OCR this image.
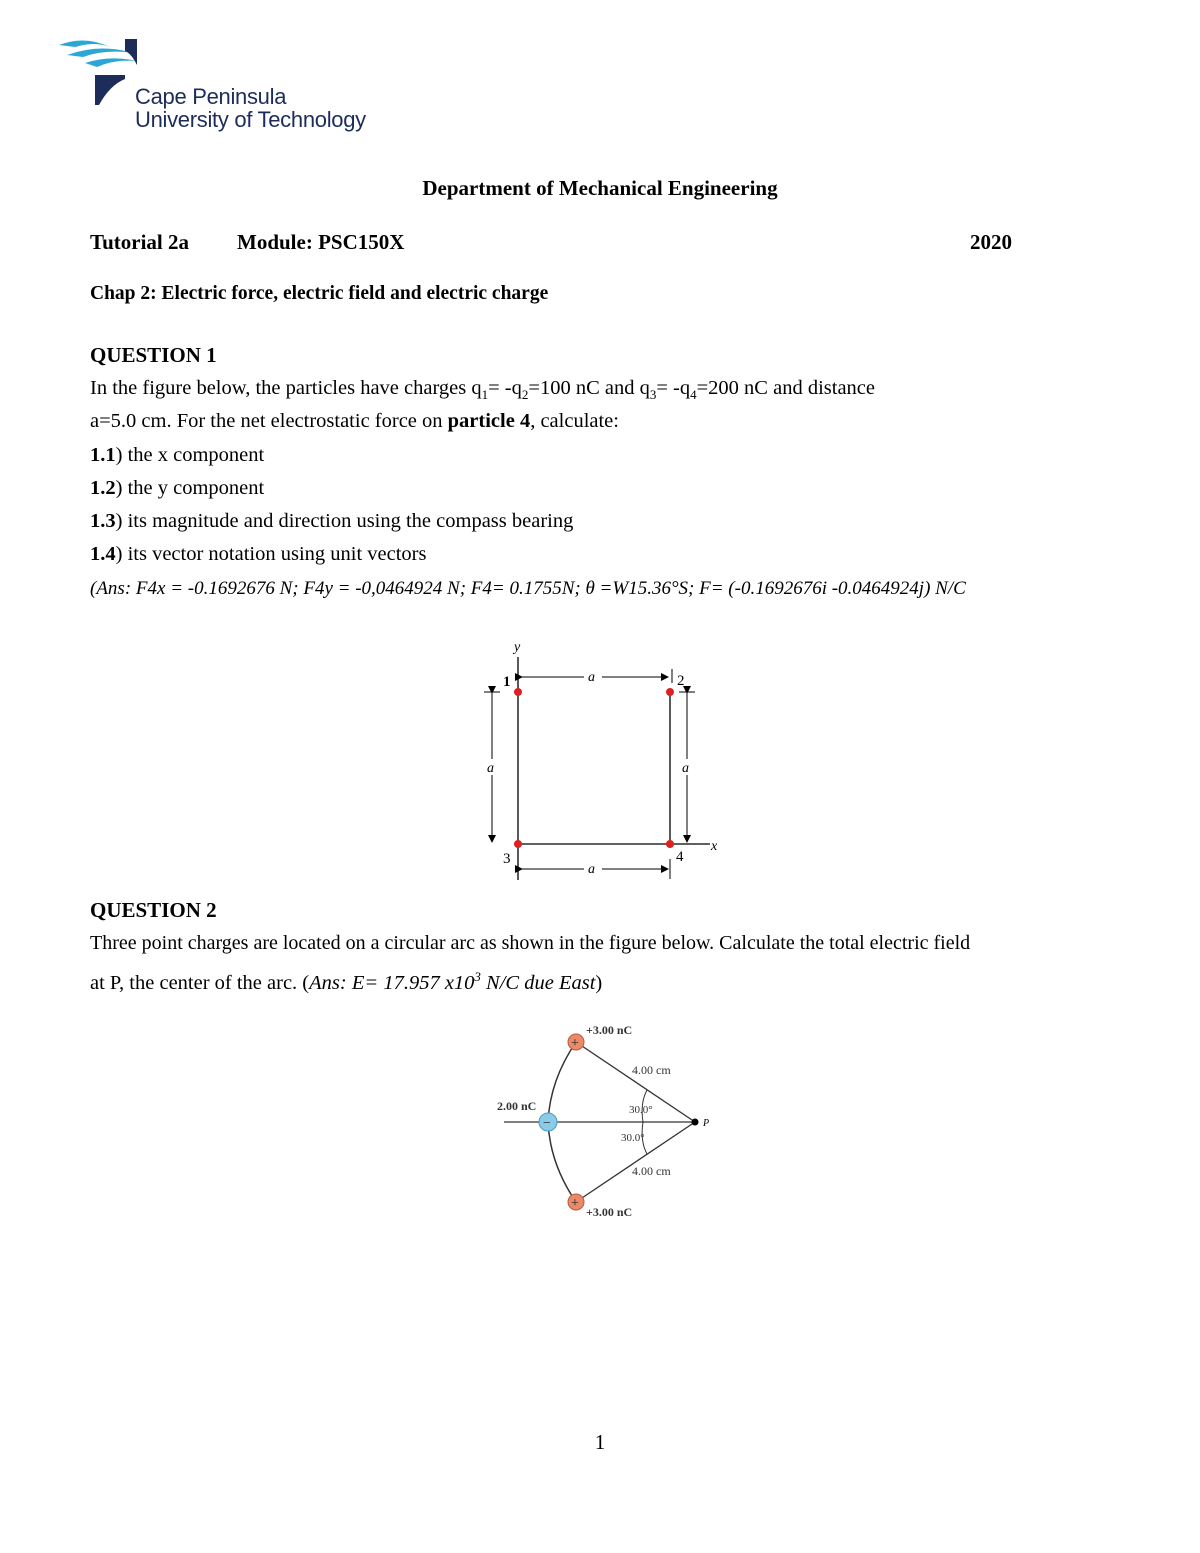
Cape Peninsula
University of Technology
Department of Mechanical Engineering
Tutorial 2a Module: PSC150X	2020
Chap 2: Electric force, electric field and electric charge
QUESTION 1
In the figure below, the particles have charges $q_1= -q_2=100$ nC and $q_3= -q_4=200$ nC and distance
a=5.0 cm. For the net electrostatic force on particle 4, calculate:
1.1) the x component
1.2) the y component
1.3) its magnitude and direction using the compass bearing
1.4) its vector notation using unit vectors
(Ans: F4x = -0.1692676 N; F4y = -0,0464924 N; F4= 0.1755N; θ =W15.36°S; F= (-0.1692676i -0.0464924j) N/C
y
x
a
a	a
a
1	2
3	4
QUESTION 2
Three point charges are located on a circular arc as shown in the figure below. Calculate the total electric field
at P, the center of the arc. (Ans: E= 17.957 $x10^3$ N/C due East)
+
−
+
P
+3.00 nC
2.00 nC
+3.00 nC
4.00 cm
4.00 cm
30.0°
30.0°
1
